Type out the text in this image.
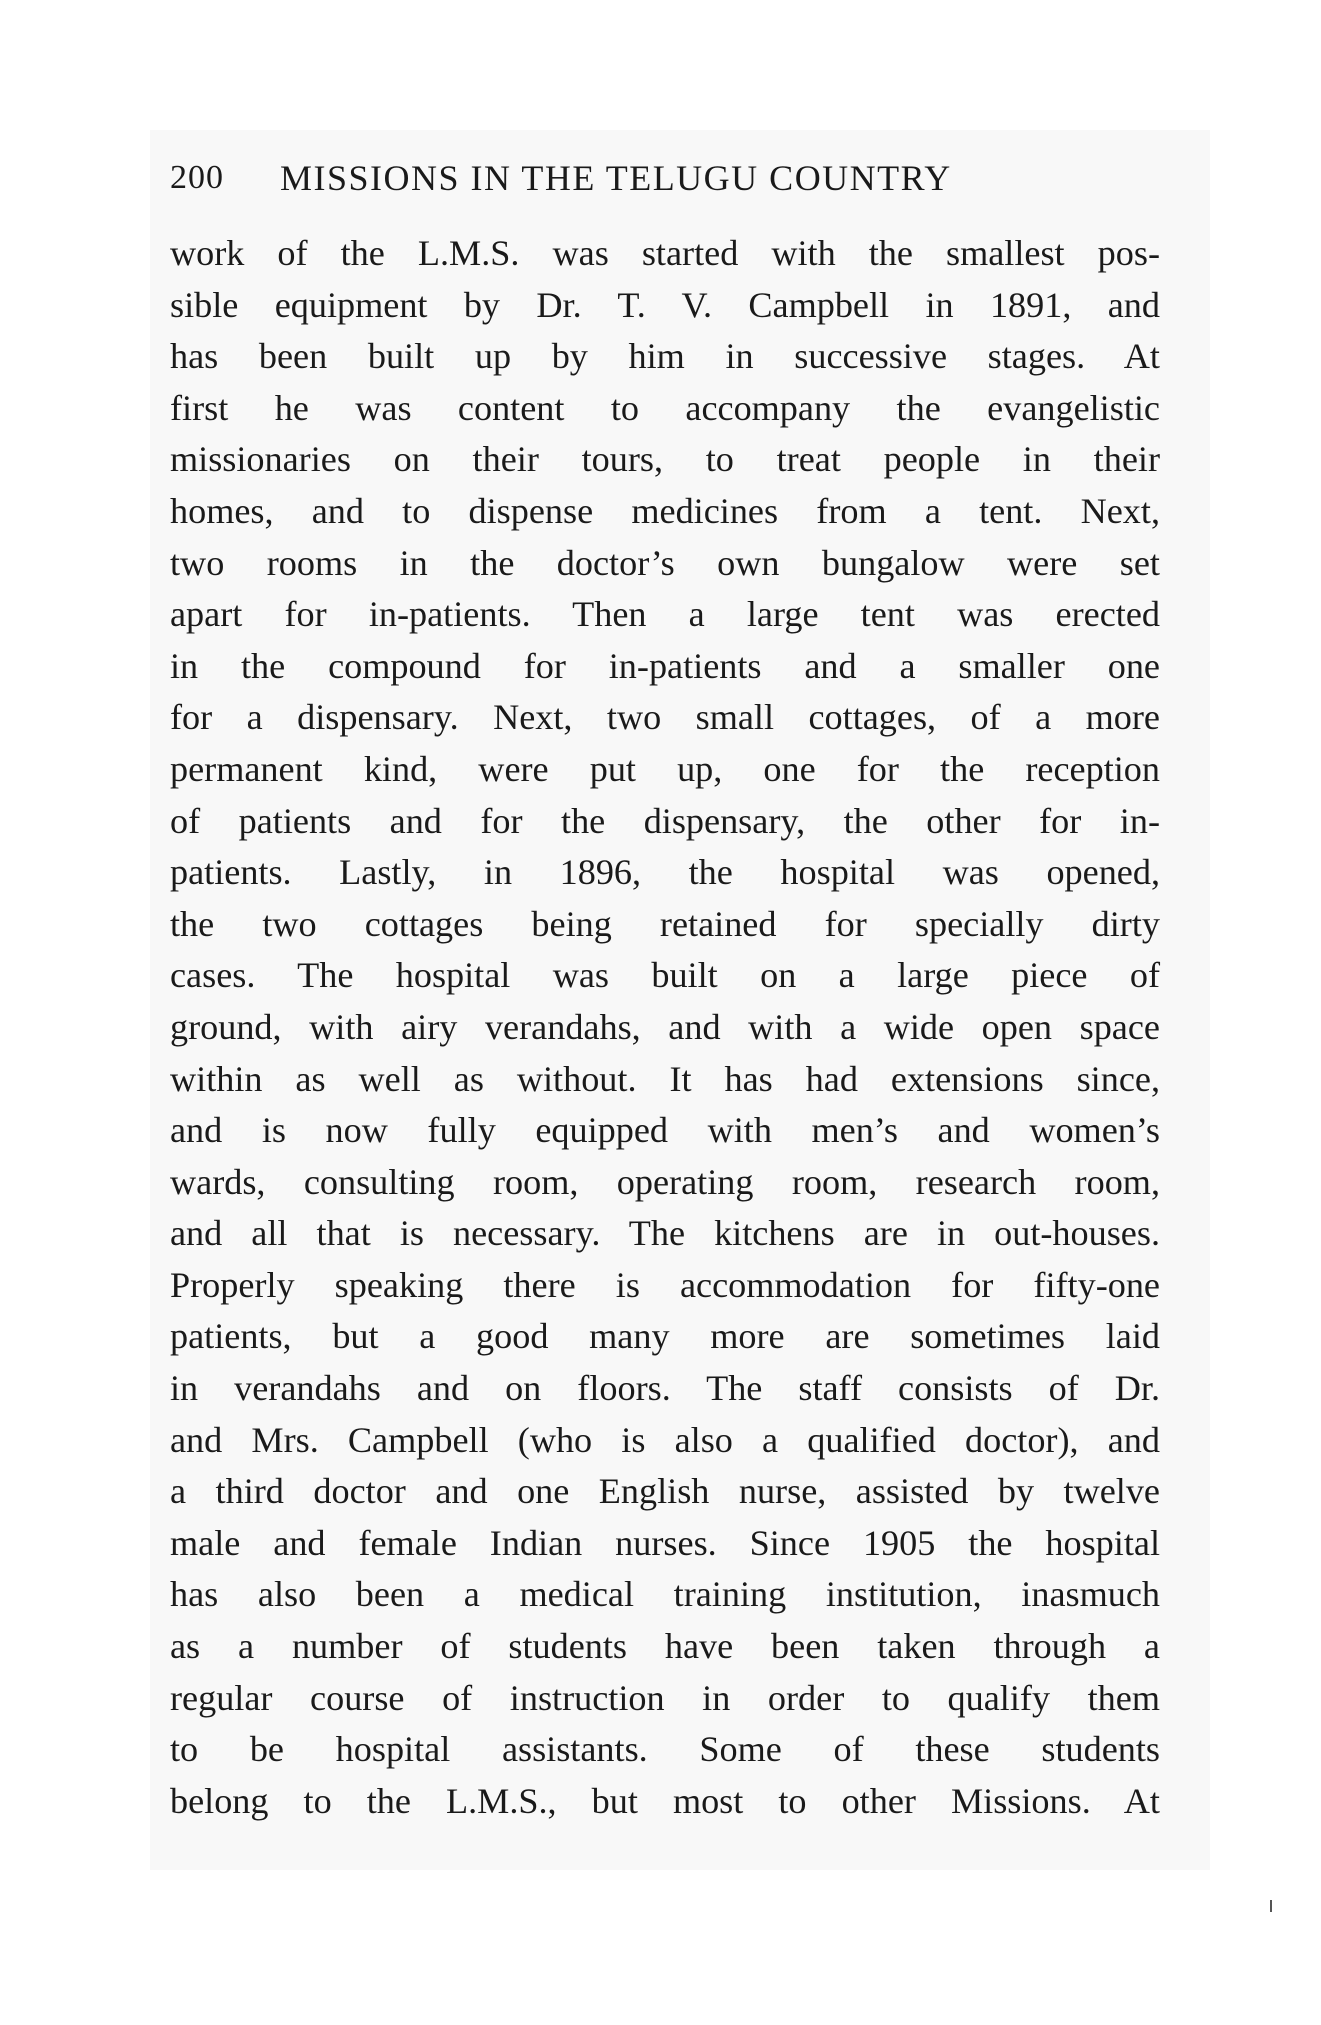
200 MISSIONS IN THE TELUGU COUNTRY
work of the L.M.S. was started with the smallest pos-
sible equipment by Dr. T. V. Campbell in 1891, and
has been built up by him in successive stages. At
first he was content to accompany the evangelistic
missionaries on their tours, to treat people in their
homes, and to dispense medicines from a tent. Next,
two rooms in the doctor’s own bungalow were set
apart for in-patients. Then a large tent was erected
in the compound for in-patients and a smaller one
for a dispensary. Next, two small cottages, of a more
permanent kind, were put up, one for the reception
of patients and for the dispensary, the other for in-
patients. Lastly, in 1896, the hospital was opened,
the two cottages being retained for specially dirty
cases. The hospital was built on a large piece of
ground, with airy verandahs, and with a wide open space
within as well as without. It has had extensions since,
and is now fully equipped with men’s and women’s
wards, consulting room, operating room, research room,
and all that is necessary. The kitchens are in out-houses.
Properly speaking there is accommodation for fifty-one
patients, but a good many more are sometimes laid
in verandahs and on floors. The staff consists of Dr.
and Mrs. Campbell (who is also a qualified doctor), and
a third doctor and one English nurse, assisted by twelve
male and female Indian nurses. Since 1905 the hospital
has also been a medical training institution, inasmuch
as a number of students have been taken through a
regular course of instruction in order to qualify them
to be hospital assistants. Some of these students
belong to the L.M.S., but most to other Missions. At
